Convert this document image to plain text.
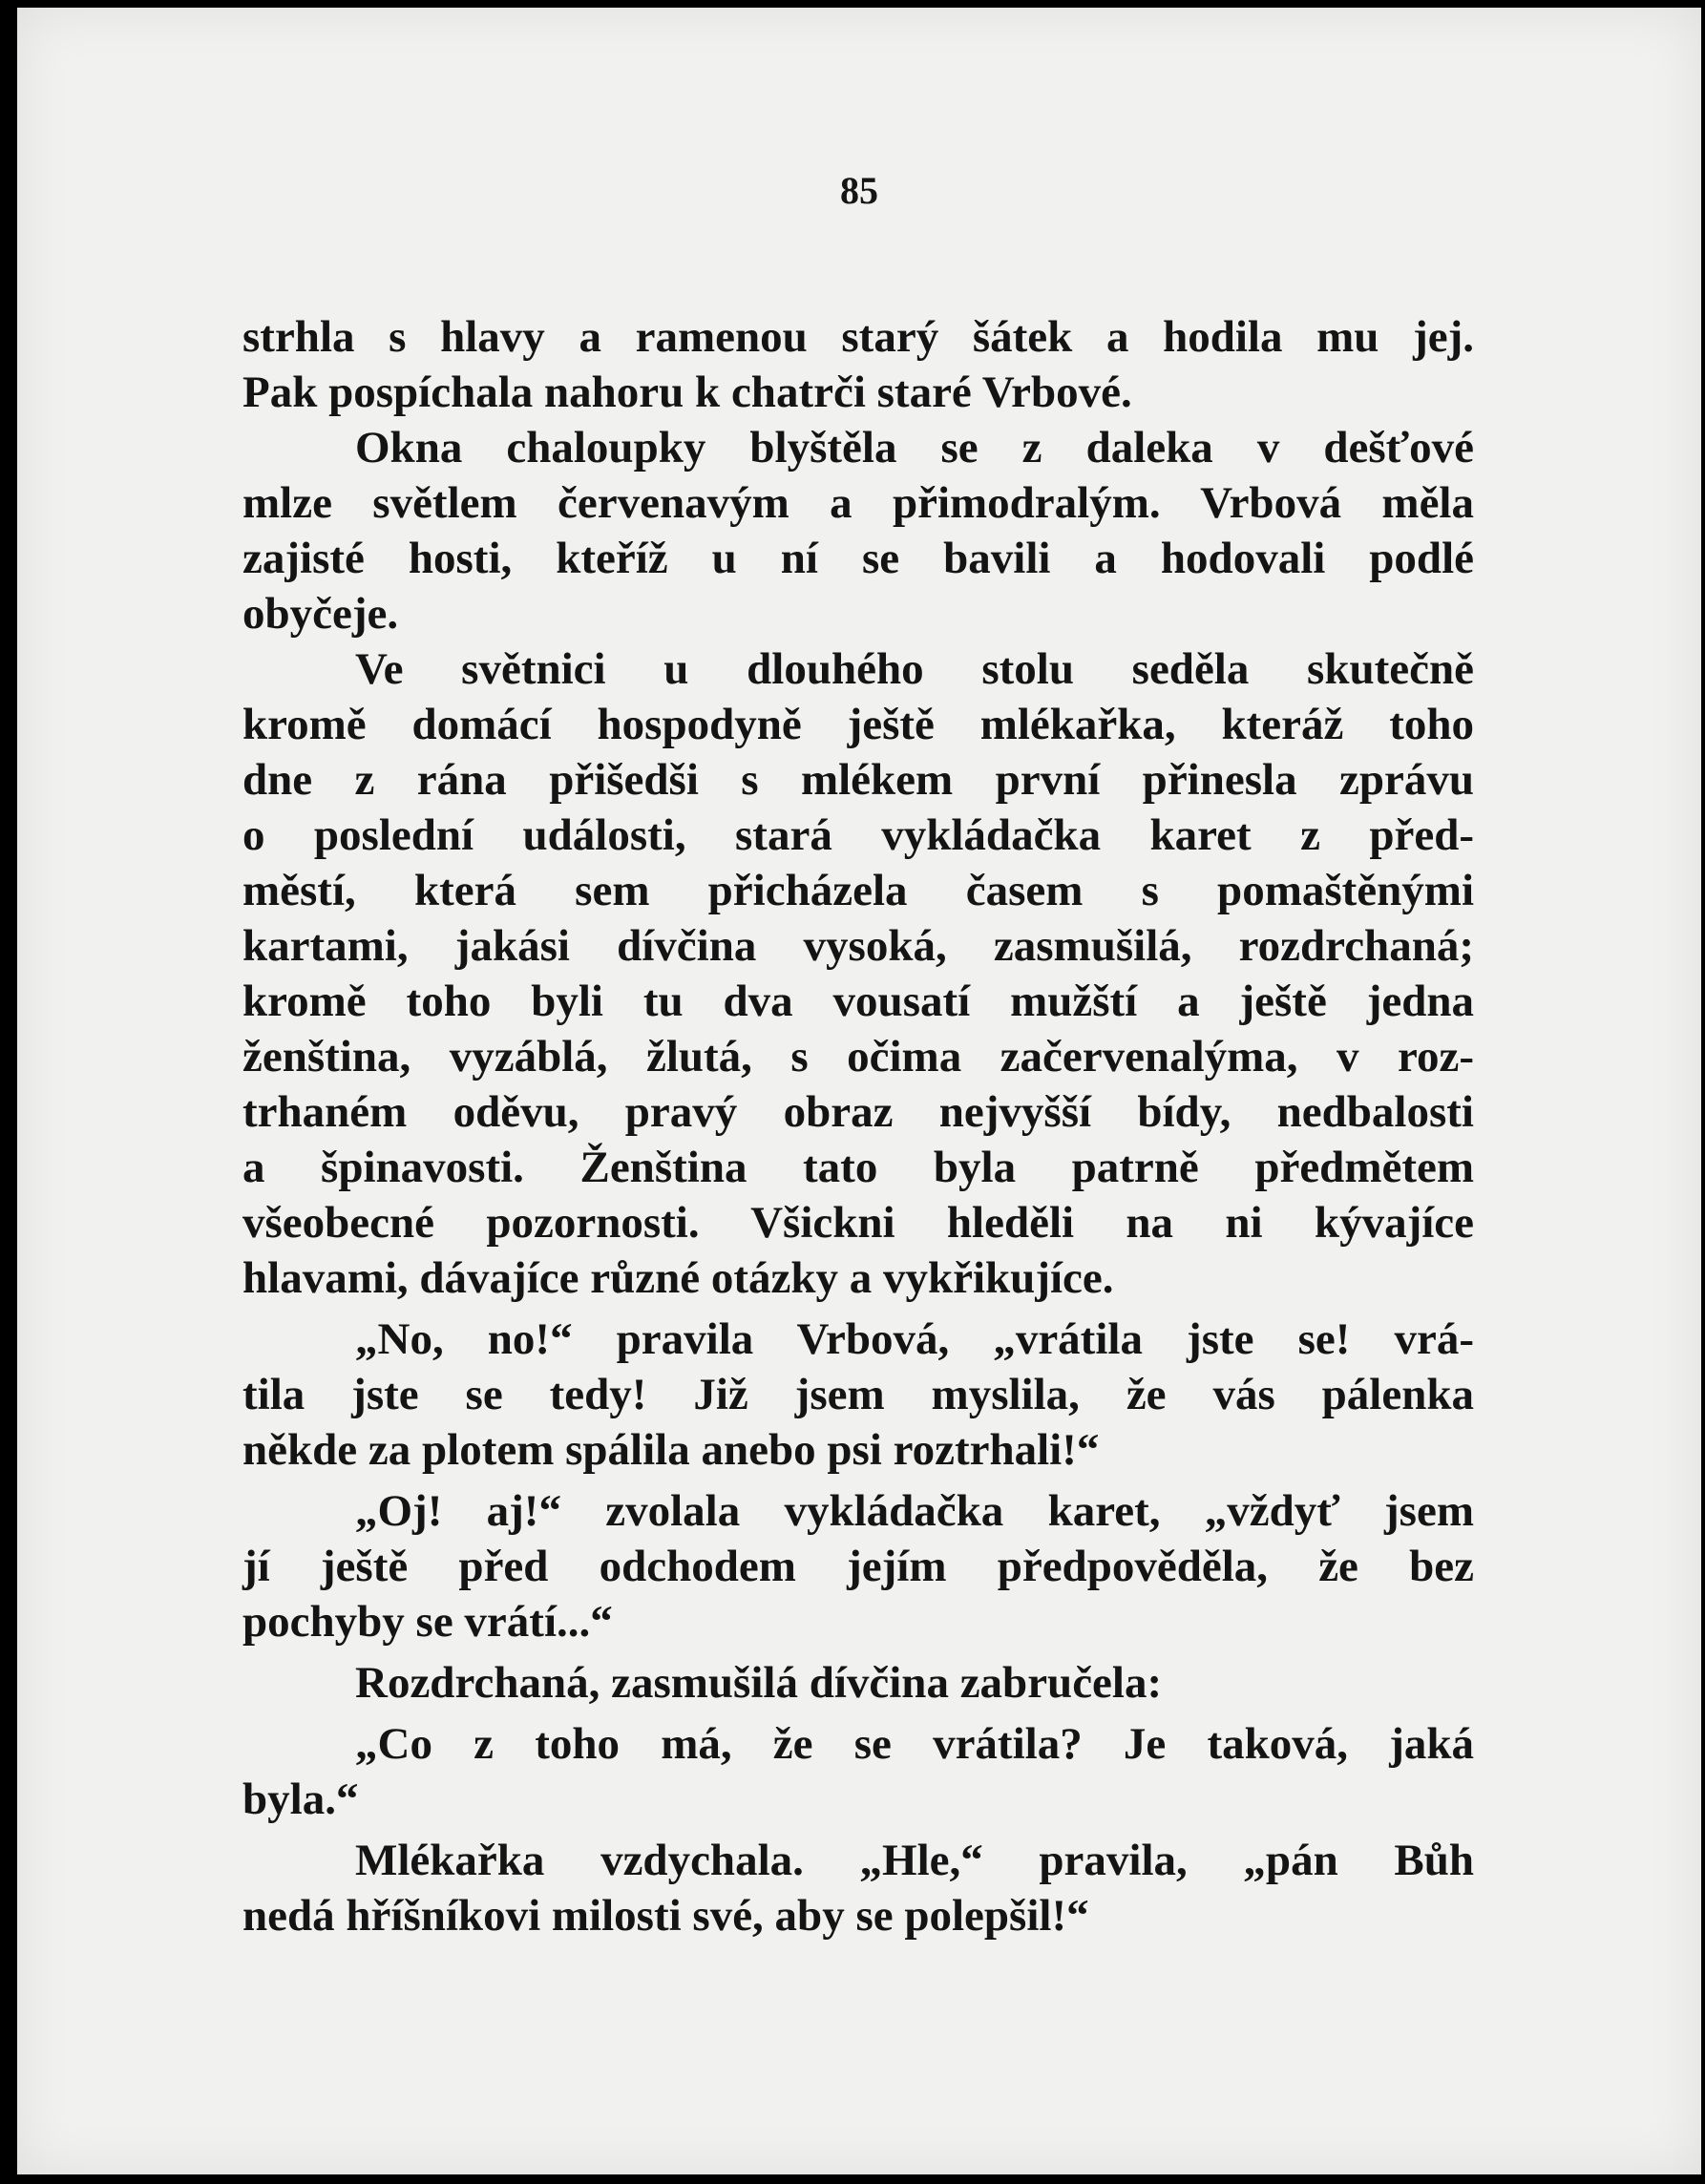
85
strhla s hlavy a ramenou starý šátek a hodila mu jej.
Pak pospíchala nahoru k chatrči staré Vrbové.
Okna chaloupky blyštěla se z daleka v dešťové
mlze světlem červenavým a přimodralým. Vrbová měla
zajisté hosti, kteříž u ní se bavili a hodovali podlé
obyčeje.
Ve světnici u dlouhého stolu seděla skutečně
kromě domácí hospodyně ještě mlékařka, kteráž toho
dne z rána přišedši s mlékem první přinesla zprávu
o poslední události, stará vykládačka karet z před-
městí, která sem přicházela časem s pomaštěnými
kartami, jakási dívčina vysoká, zasmušilá, rozdrchaná;
kromě toho byli tu dva vousatí mužští a ještě jedna
ženština, vyzáblá, žlutá, s očima začervenalýma, v roz-
trhaném oděvu, pravý obraz nejvyšší bídy, nedbalosti
a špinavosti. Ženština tato byla patrně předmětem
všeobecné pozornosti. Všickni hleděli na ni kývajíce
hlavami, dávajíce různé otázky a vykřikujíce.
„No, no!“ pravila Vrbová, „vrátila jste se! vrá-
tila jste se tedy! Již jsem myslila, že vás pálenka
někde za plotem spálila anebo psi roztrhali!“
„Oj! aj!“ zvolala vykládačka karet, „vždyť jsem
jí ještě před odchodem jejím předpověděla, že bez
pochyby se vrátí...“
Rozdrchaná, zasmušilá dívčina zabručela:
„Co z toho má, že se vrátila? Je taková, jaká
byla.“
Mlékařka vzdychala. „Hle,“ pravila, „pán Bůh
nedá hříšníkovi milosti své, aby se polepšil!“
